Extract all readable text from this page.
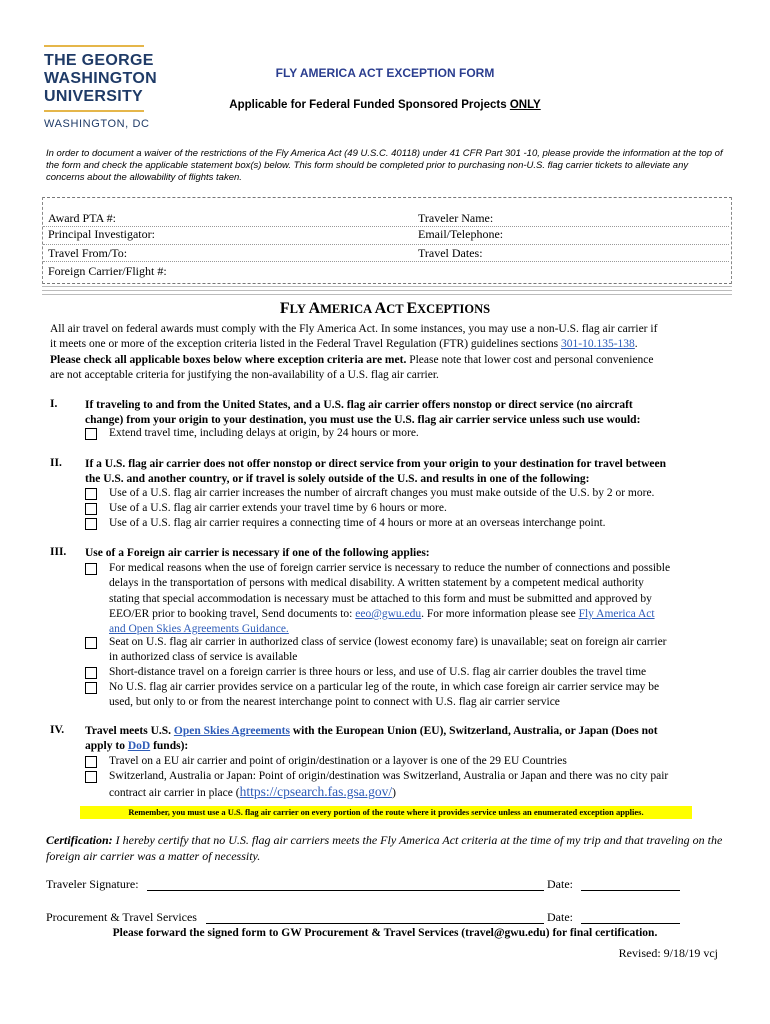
THE GEORGE
WASHINGTON
UNIVERSITY
WASHINGTON, DC
FLY AMERICA ACT EXCEPTION FORM
Applicable for Federal Funded Sponsored Projects ONLY
In order to document a waiver of the restrictions of the Fly America Act (49 U.S.C. 40118) under 41 CFR Part 301 -10, please provide the information at the top of the form and check the applicable statement box(s) below. This form should be completed prior to purchasing non-U.S. flag carrier tickets to alleviate any concerns about the allowability of flights taken.
Award PTA #:	Traveler Name:
Principal Investigator:	Email/Telephone:
Travel From/To:	Travel Dates:
Foreign Carrier/Flight #:
FLY AMERICA ACT EXCEPTIONS
All air travel on federal awards must comply with the Fly America Act. In some instances, you may use a non-U.S. flag air carrier if
it meets one or more of the exception criteria listed in the Federal Travel Regulation (FTR) guidelines sections 301-10.135-138.
Please check all applicable boxes below where exception criteria are met. Please note that lower cost and personal convenience
are not acceptable criteria for justifying the non-availability of a U.S. flag air carrier.
I. If traveling to and from the United States, and a U.S. flag air carrier offers nonstop or direct service (no aircraft
change) from your origin to your destination, you must use the U.S. flag air carrier service unless such use would:
Extend travel time, including delays at origin, by 24 hours or more.
II. If a U.S. flag air carrier does not offer nonstop or direct service from your origin to your destination for travel between
the U.S. and another country, or if travel is solely outside of the U.S. and results in one of the following:
Use of a U.S. flag air carrier increases the number of aircraft changes you must make outside of the U.S. by 2 or more.
Use of a U.S. flag air carrier extends your travel time by 6 hours or more.
Use of a U.S. flag air carrier requires a connecting time of 4 hours or more at an overseas interchange point.
III. Use of a Foreign air carrier is necessary if one of the following applies:
For medical reasons when the use of foreign carrier service is necessary to reduce the number of connections and possible
delays in the transportation of persons with medical disability. A written statement by a competent medical authority
stating that special accommodation is necessary must be attached to this form and must be submitted and approved by
EEO/ER prior to booking travel, Send documents to: eeo@gwu.edu. For more information please see Fly America Act
and Open Skies Agreements Guidance.
Seat on U.S. flag air carrier in authorized class of service (lowest economy fare) is unavailable; seat on foreign air carrier
in authorized class of service is available
Short-distance travel on a foreign carrier is three hours or less, and use of U.S. flag air carrier doubles the travel time
No U.S. flag air carrier provides service on a particular leg of the route, in which case foreign air carrier service may be
used, but only to or from the nearest interchange point to connect with U.S. flag air carrier service
IV. Travel meets U.S. Open Skies Agreements with the European Union (EU), Switzerland, Australia, or Japan (Does not
apply to DoD funds):
Travel on a EU air carrier and point of origin/destination or a layover is one of the 29 EU Countries
Switzerland, Australia or Japan: Point of origin/destination was Switzerland, Australia or Japan and there was no city pair
contract air carrier in place (https://cpsearch.fas.gsa.gov/)
Remember, you must use a U.S. flag air carrier on every portion of the route where it provides service unless an enumerated exception applies.
Certification: I hereby certify that no U.S. flag air carriers meets the Fly America Act criteria at the time of my trip and that traveling on the foreign air carrier was a matter of necessity.
Traveler Signature:	Date:
Procurement & Travel Services	Date:
Please forward the signed form to GW Procurement & Travel Services (travel@gwu.edu) for final certification.
Revised: 9/18/19 vcj
